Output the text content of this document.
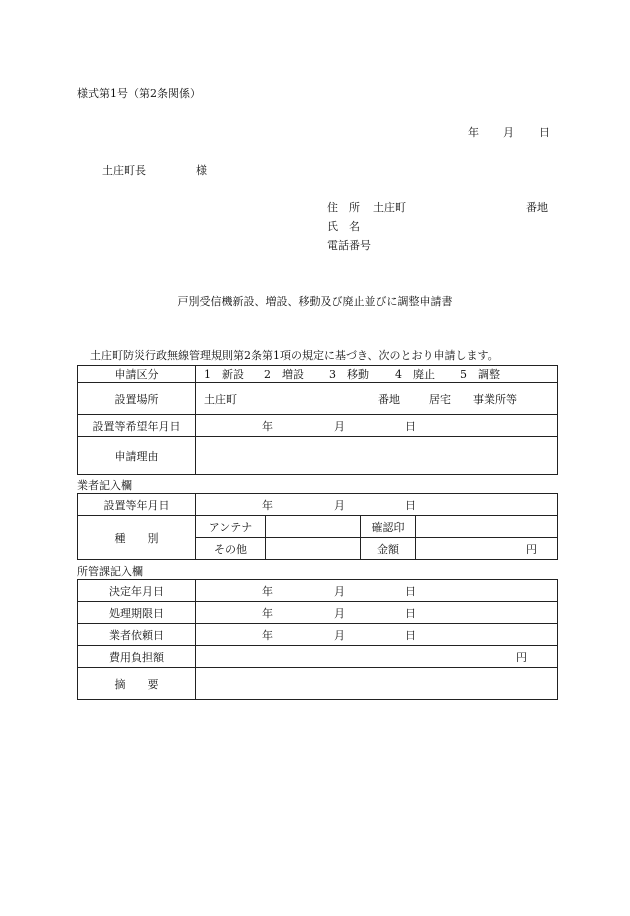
様式第1号（第2条関係）
年 月 日
土庄町長	様
住　所 土庄町	番地
氏　名
電話番号
戸別受信機新設、増設、移動及び廃止並びに調整申請書
土庄町防災行政無線管理規則第2条第1項の規定に基づき、次のとおり申請します。
申請区分	1　新設 2　増設 3　移動 4　廃止 5　調整

設置場所	土庄町 番地 居宅　　事業所等

設置等希望年月日	年 月 日

申請理由	
業者記入欄
設置等年月日	年 月 日			

種　　別	アンテナ		確認印	
	その他		金額	円
所管課記入欄
決定年月日	年 月 日

処理期限日	年 月 日

業者依頼日	年 月 日

費用負担額	円

摘　　要	
